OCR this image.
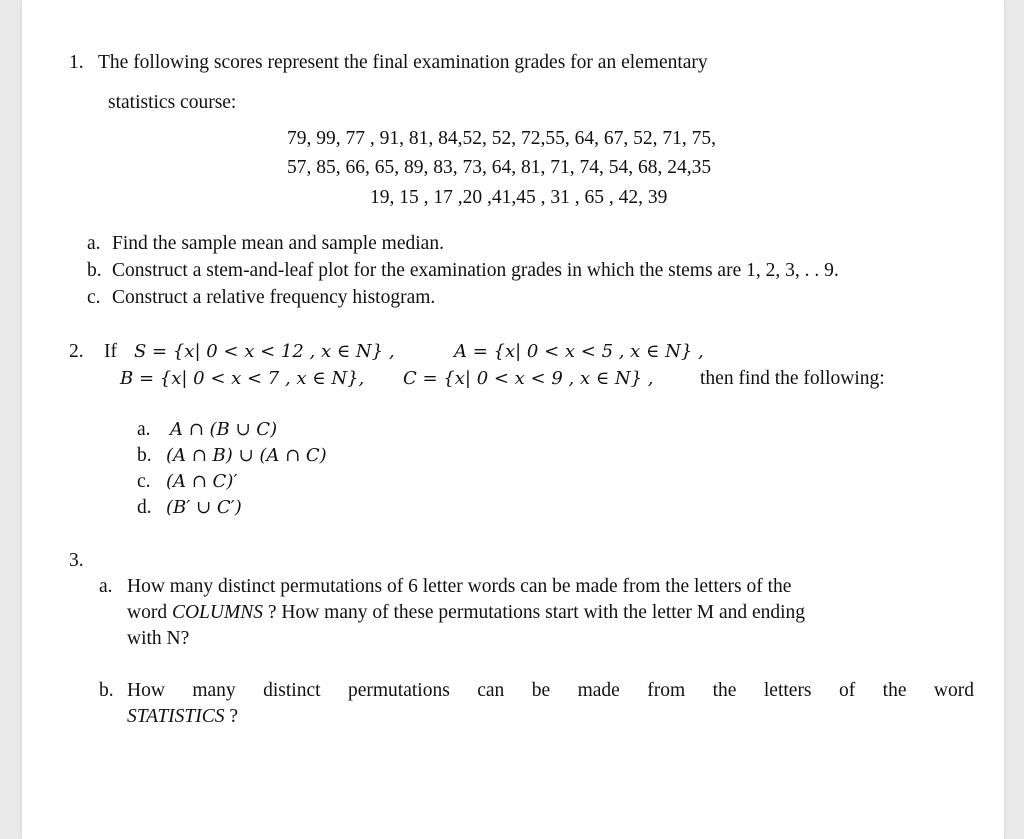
1. The following scores represent the final examination grades for an elementary
statistics course:
79, 99, 77 , 91, 81, 84,52, 52, 72,55, 64, 67, 52, 71, 75,
57, 85, 66, 65, 89, 83, 73, 64, 81, 71, 74, 54, 68, 24,35
19, 15 , 17 ,20 ,41,45 , 31 , 65 , 42, 39
a. Find the sample mean and sample median.
b. Construct a stem-and-leaf plot for the examination grades in which the stems are 1, 2, 3, . . 9.
c. Construct a relative frequency histogram.
2. If S = {x| 0 < x < 12 , x ∈ N} ,	A = {x| 0 < x < 5 , x ∈ N} ,
B = {x| 0 < x < 7 , x ∈ N}, C = {x| 0 < x < 9 , x ∈ N} , then find the following:
a. A ∩ (B ∪ C)
b. (A ∩ B) ∪ (A ∩ C)
c. (A ∩ C)′
d. (B′ ∪ C′)
3.
a. How many distinct permutations of 6 letter words can be made from the letters of the
word COLUMNS ? How many of these permutations start with the letter M and ending
with N?
b. How many distinct permutations can be made from the letters of the word
STATISTICS ?
